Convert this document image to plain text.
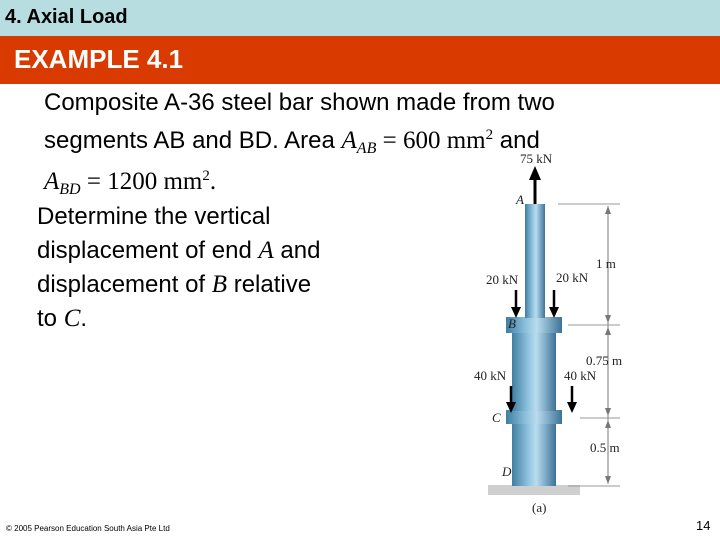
4. Axial Load
EXAMPLE 4.1
Composite A-36 steel bar shown made from two
segments AB and BD. Area $A_{AB} = 600$ $mm^2$ and
$A_{BD} = 1200$ $mm^2$.
Determine the vertical
displacement of end A and
displacement of B relative
to C.
75 kN
A
20 kN	20 kN
B
40 kN	40 kN
C
D
1 m
0.75 m
0.5 m
(a)
© 2005 Pearson Education South Asia Pte Ltd	14
